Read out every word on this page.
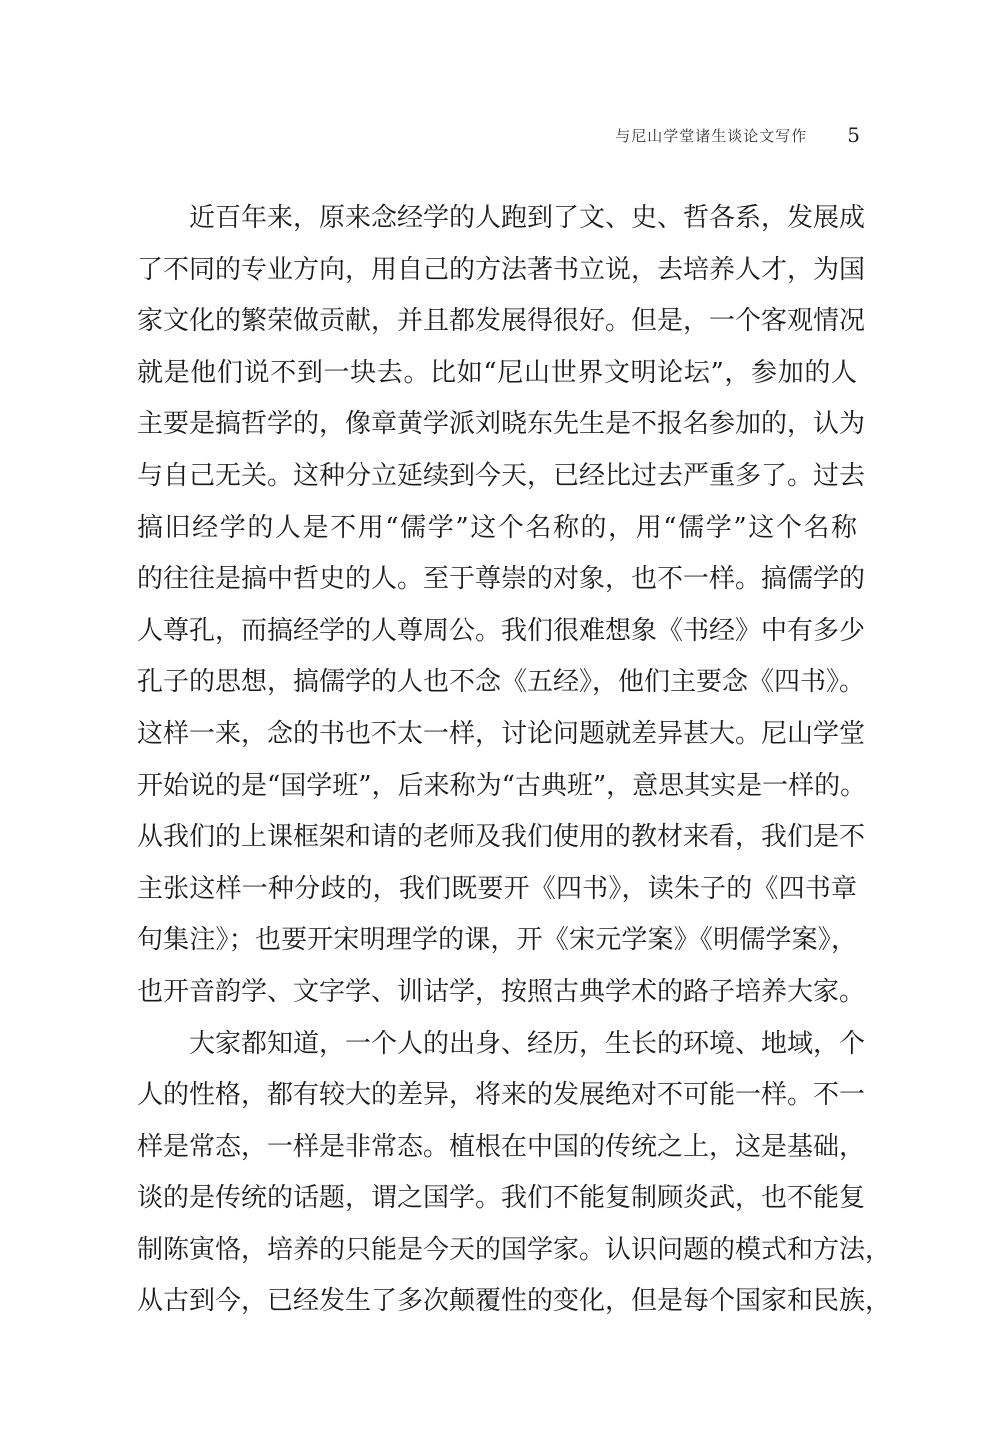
与尼山学堂诸生谈论文写作 5
近百年来，原来念经学的人跑到了文、史、哲各系，发展成
了不同的专业方向，用自己的方法著书立说，去培养人才，为国
家文化的繁荣做贡献，并且都发展得很好。但是，一个客观情况
就是他们说不到一块去。比如“尼山世界文明论坛”，参加的人
主要是搞哲学的，像章黄学派刘晓东先生是不报名参加的，认为
与自己无关。这种分立延续到今天，已经比过去严重多了。过去
搞旧经学的人是不用“儒学”这个名称的，用“儒学”这个名称
的往往是搞中哲史的人。至于尊崇的对象，也不一样。搞儒学的
人尊孔，而搞经学的人尊周公。我们很难想象《书经》中有多少
孔子的思想，搞儒学的人也不念《五经》，他们主要念《四书》。
这样一来，念的书也不太一样，讨论问题就差异甚大。尼山学堂
开始说的是“国学班”，后来称为“古典班”，意思其实是一样的。
从我们的上课框架和请的老师及我们使用的教材来看，我们是不
主张这样一种分歧的，我们既要开《四书》，读朱子的《四书章
句集注》；也要开宋明理学的课，开《宋元学案》《明儒学案》，
也开音韵学、文字学、训诂学，按照古典学术的路子培养大家。
大家都知道，一个人的出身、经历，生长的环境、地域，个
人的性格，都有较大的差异，将来的发展绝对不可能一样。不一
样是常态，一样是非常态。植根在中国的传统之上，这是基础，
谈的是传统的话题，谓之国学。我们不能复制顾炎武，也不能复
制陈寅恪，培养的只能是今天的国学家。认识问题的模式和方法，
从古到今，已经发生了多次颠覆性的变化，但是每个国家和民族，
